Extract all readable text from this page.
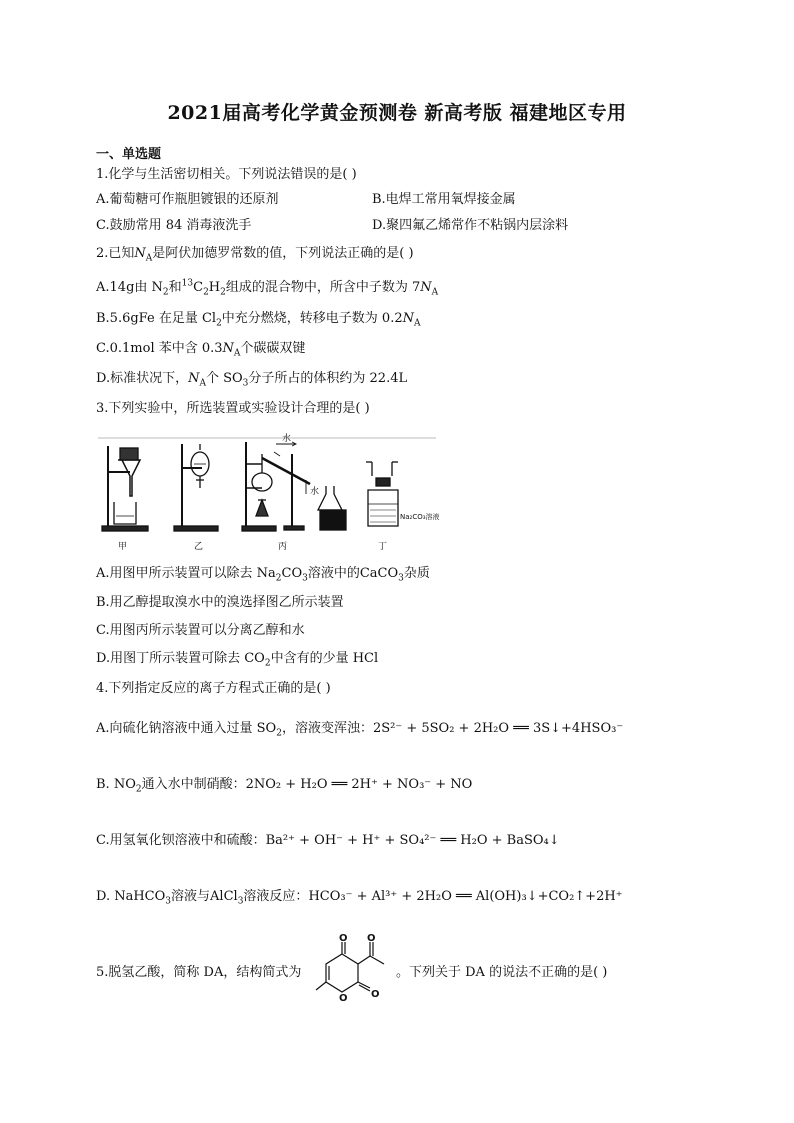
2021届高考化学黄金预测卷 新高考版 福建地区专用
一、单选题
1.化学与生活密切相关。下列说法错误的是( )
A.葡萄糖可作瓶胆镀银的还原剂	B.电焊工常用氧焊接金属
C.鼓励常用 84 消毒液洗手	D.聚四氟乙烯常作不粘锅内层涂料
2.已知$N_A$是阿伏加德罗常数的值，下列说法正确的是( )
A.14g由 $N_2$和$^{13}C_2H_2$组成的混合物中，所含中子数为 $7N_A$
B.5.6gFe 在足量 $Cl_2$中充分燃烧，转移电子数为 $0.2N_A$
C.0.1mol 苯中含 $0.3N_A$个碳碳双键
D.标准状况下，$N_A$个 $SO_3$分子所占的体积约为 22.4L
3.下列实验中，所选装置或实验设计合理的是( )
水
水
Na₂CO₃溶液
甲	乙	丙	丁
A.用图甲所示装置可以除去 $Na_2CO_3$溶液中的CaCO$_3$杂质
B.用乙醇提取溴水中的溴选择图乙所示装置
C.用图丙所示装置可以分离乙醇和水
D.用图丁所示装置可除去 $CO_2$中含有的少量 HCl
4.下列指定反应的离子方程式正确的是( )
A.向硫化钠溶液中通入过量 $SO_2$，溶液变浑浊：2S²⁻ + 5SO₂ + 2H₂O ══ 3S↓+4HSO₃⁻
B. $NO_2$通入水中制硝酸：2NO₂ + H₂O ══ 2H⁺ + NO₃⁻ + NO
C.用氢氧化钡溶液中和硫酸：Ba²⁺ + OH⁻ + H⁺ + SO₄²⁻ ══ H₂O + BaSO₄↓
D. NaHCO$_3$溶液与AlCl$_3$溶液反应：HCO₃⁻ + Al³⁺ + 2H₂O ══ Al(OH)₃↓+CO₂↑+2H⁺
5.脱氢乙酸，简称 DA，结构简式为
O O
O O
。下列关于 DA 的说法不正确的是( )
